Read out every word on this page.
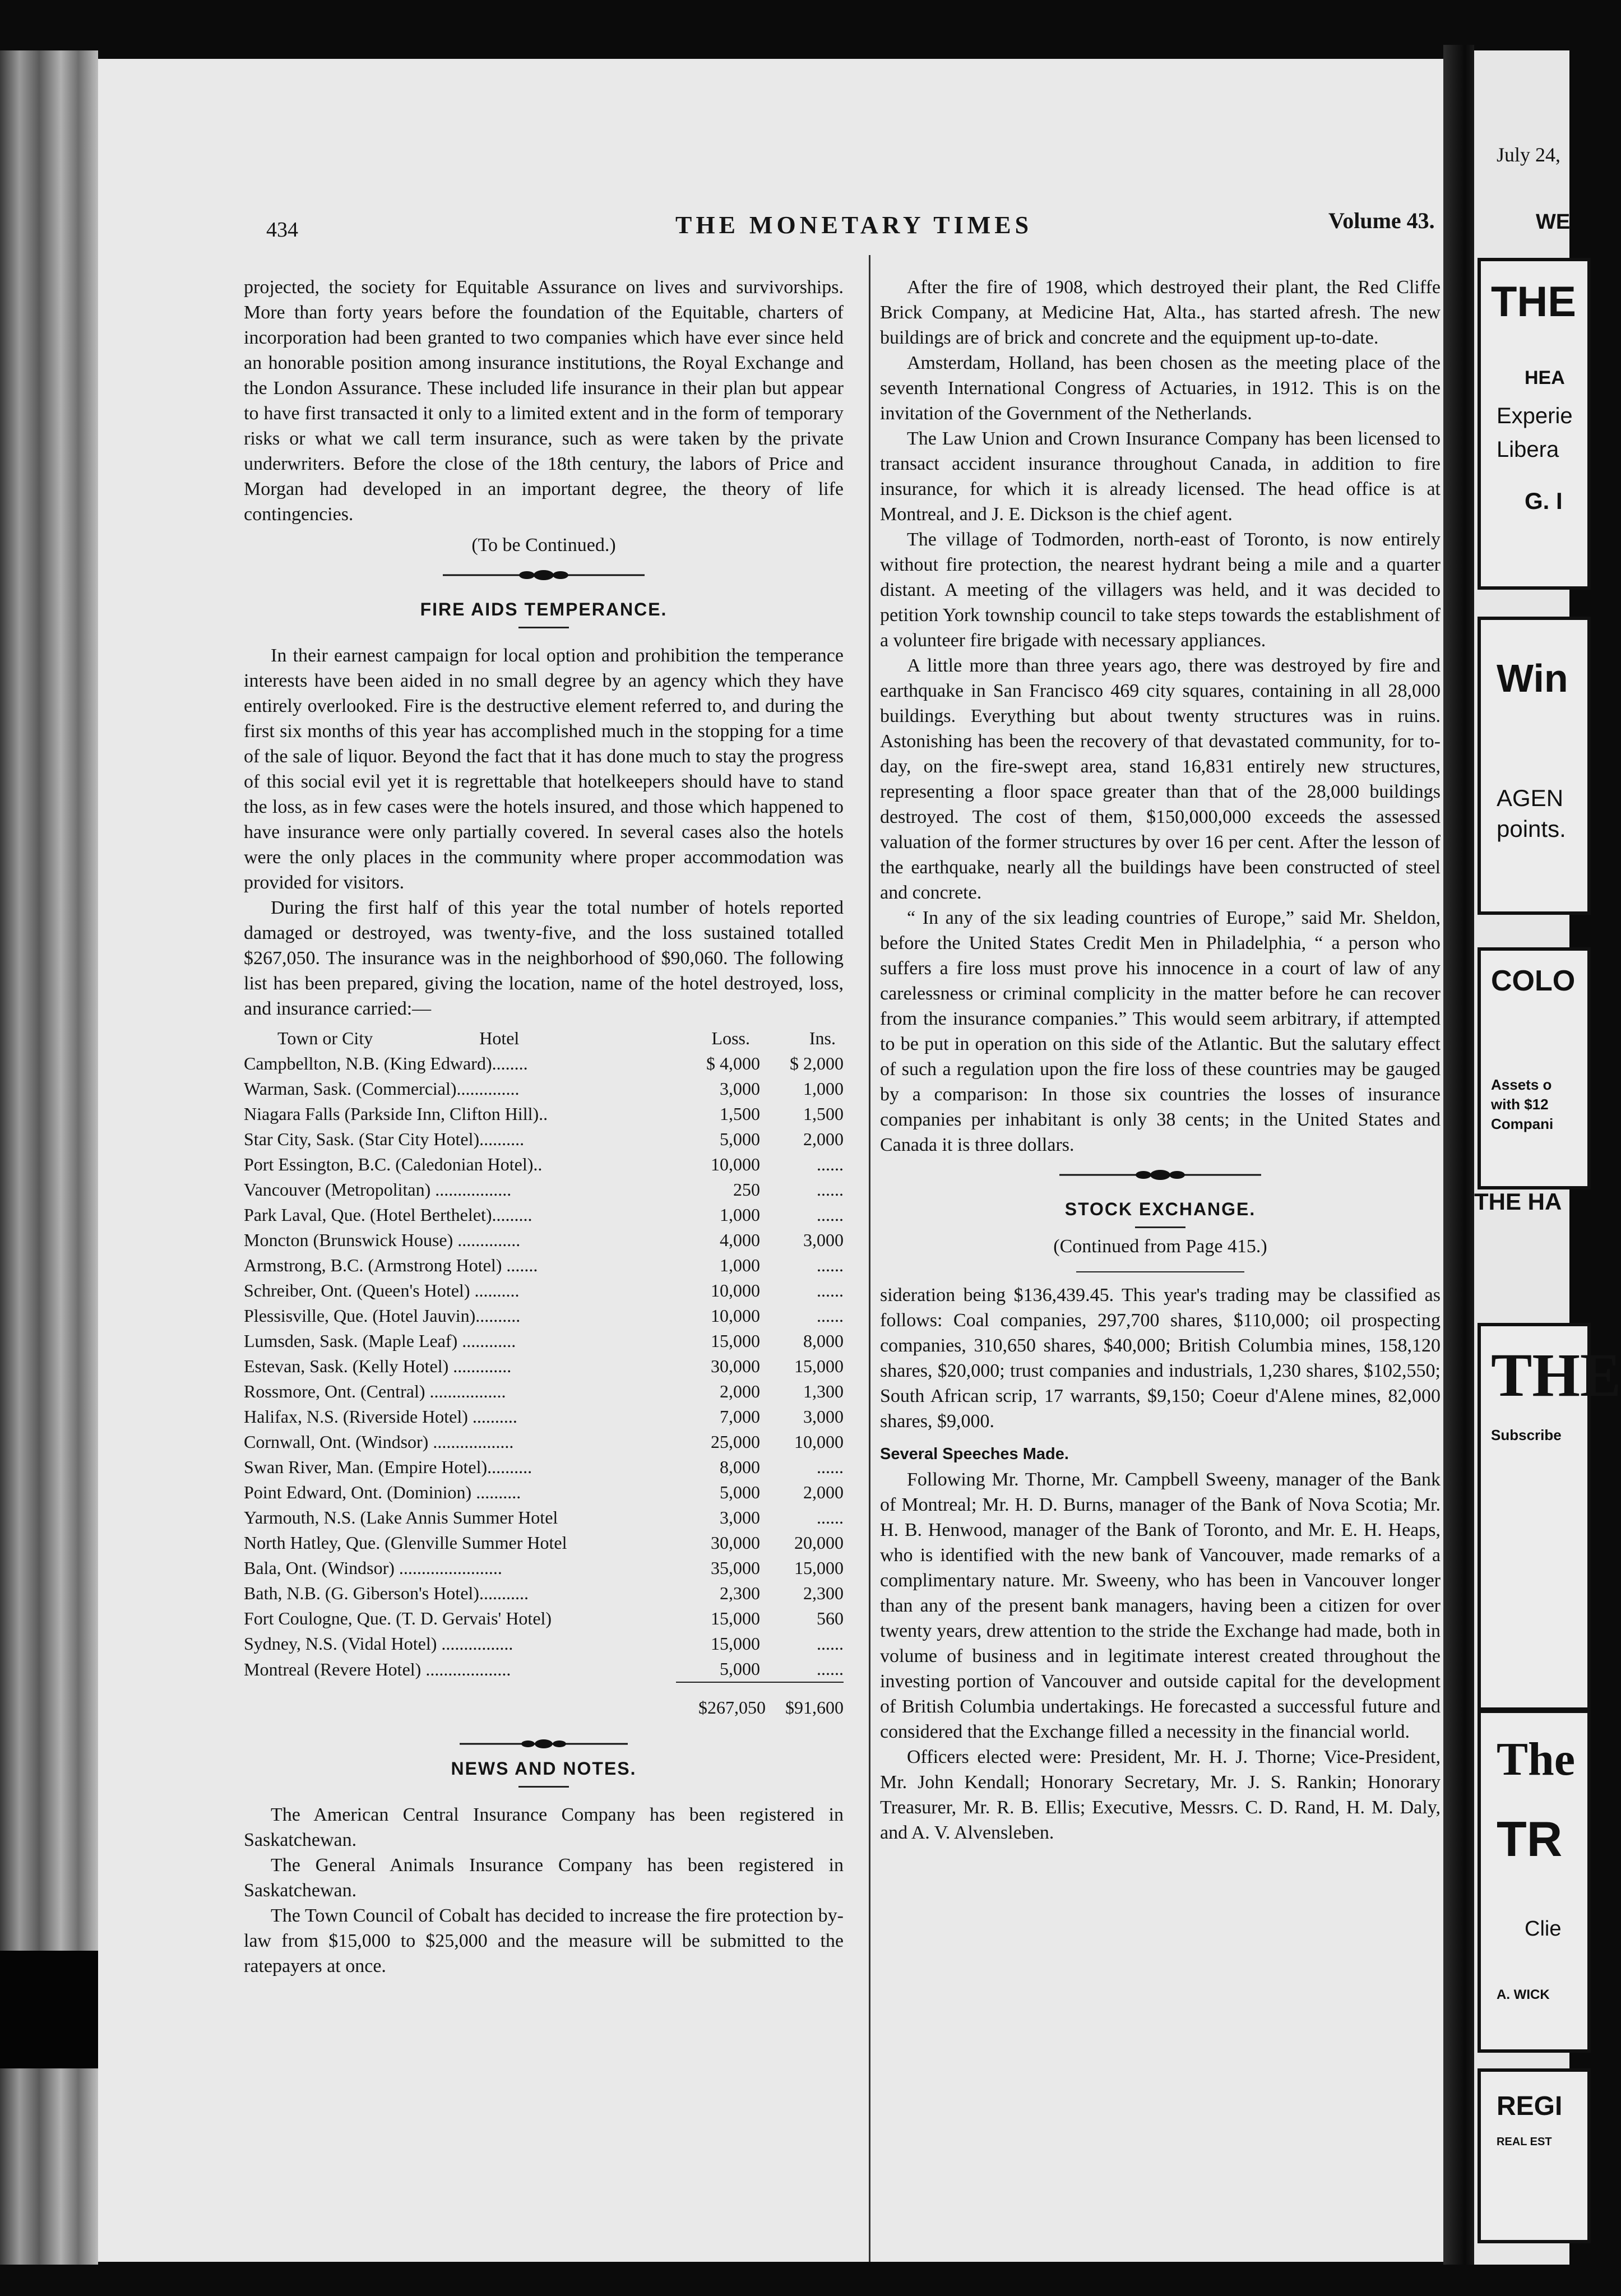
434	THE MONETARY TIMES	Volume 43.

projected, the society for Equitable Assurance on lives and survivorships. More than forty years before the foundation of the Equitable, charters of incorporation had been granted to two companies which have ever since held an honorable position among insurance institutions, the Royal Exchange and the London Assurance. These included life insurance in their plan but appear to have first transacted it only to a limited extent and in the form of temporary risks or what we call term insurance, such as were taken by the private underwriters. Before the close of the 18th century, the labors of Price and Morgan had developed in an important degree, the theory of life contingencies.

(To be Continued.)
FIRE AIDS TEMPERANCE.

In their earnest campaign for local option and prohibition the temperance interests have been aided in no small degree by an agency which they have entirely overlooked. Fire is the destructive element referred to, and during the first six months of this year has accomplished much in the stopping for a time of the sale of liquor. Beyond the fact that it has done much to stay the progress of this social evil yet it is regrettable that hotelkeepers should have to stand the loss, as in few cases were the hotels insured, and those which happened to have insurance were only partially covered. In several cases also the hotels were the only places in the community where proper accommodation was provided for visitors.

During the first half of this year the total number of hotels reported damaged or destroyed, was twenty-five, and the loss sustained totalled $267,050. The insurance was in the neighborhood of $90,060. The following list has been prepared, giving the location, name of the hotel destroyed, loss, and insurance carried:—

Town or City Hotel	Loss.	Ins.
Campbellton, N.B. (King Edward)........	$ 4,000	$ 2,000
Warman, Sask. (Commercial)..............	3,000	1,000
Niagara Falls (Parkside Inn, Clifton Hill)..	1,500	1,500
Star City, Sask. (Star City Hotel)..........	5,000	2,000
Port Essington, B.C. (Caledonian Hotel)..	10,000	......
Vancouver (Metropolitan) .................	250	......
Park Laval, Que. (Hotel Berthelet).........	1,000	......
Moncton (Brunswick House) ..............	4,000	3,000
Armstrong, B.C. (Armstrong Hotel) .......	1,000	......
Schreiber, Ont. (Queen's Hotel) ..........	10,000	......
Plessisville, Que. (Hotel Jauvin)..........	10,000	......
Lumsden, Sask. (Maple Leaf) ............	15,000	8,000
Estevan, Sask. (Kelly Hotel) .............	30,000	15,000
Rossmore, Ont. (Central) .................	2,000	1,300
Halifax, N.S. (Riverside Hotel) ..........	7,000	3,000
Cornwall, Ont. (Windsor) ..................	25,000	10,000
Swan River, Man. (Empire Hotel)..........	8,000	......
Point Edward, Ont. (Dominion) ..........	5,000	2,000
Yarmouth, N.S. (Lake Annis Summer Hotel	3,000	......
North Hatley, Que. (Glenville Summer Hotel	30,000	20,000
Bala, Ont. (Windsor) .......................	35,000	15,000
Bath, N.B. (G. Giberson's Hotel)...........	2,300	2,300
Fort Coulogne, Que. (T. D. Gervais' Hotel)	15,000	560
Sydney, N.S. (Vidal Hotel) ................	15,000	......
Montreal (Revere Hotel) ...................	5,000	......
	$267,050	$91,600
NEWS AND NOTES.

The American Central Insurance Company has been registered in Saskatchewan.

The General Animals Insurance Company has been registered in Saskatchewan.

The Town Council of Cobalt has decided to increase the fire protection by-law from $15,000 to $25,000 and the measure will be submitted to the ratepayers at once.

After the fire of 1908, which destroyed their plant, the Red Cliffe Brick Company, at Medicine Hat, Alta., has started afresh. The new buildings are of brick and concrete and the equipment up-to-date.

Amsterdam, Holland, has been chosen as the meeting place of the seventh International Congress of Actuaries, in 1912. This is on the invitation of the Government of the Netherlands.

The Law Union and Crown Insurance Company has been licensed to transact accident insurance throughout Canada, in addition to fire insurance, for which it is already licensed. The head office is at Montreal, and J. E. Dickson is the chief agent.

The village of Todmorden, north-east of Toronto, is now entirely without fire protection, the nearest hydrant being a mile and a quarter distant. A meeting of the villagers was held, and it was decided to petition York township council to take steps towards the establishment of a volunteer fire brigade with necessary appliances.

A little more than three years ago, there was destroyed by fire and earthquake in San Francisco 469 city squares, containing in all 28,000 buildings. Everything but about twenty structures was in ruins. Astonishing has been the recovery of that devastated community, for to-day, on the fire-swept area, stand 16,831 entirely new structures, representing a floor space greater than that of the 28,000 buildings destroyed. The cost of them, $150,000,000 exceeds the assessed valuation of the former structures by over 16 per cent. After the lesson of the earthquake, nearly all the buildings have been constructed of steel and concrete.

“ In any of the six leading countries of Europe,” said Mr. Sheldon, before the United States Credit Men in Philadelphia, “ a person who suffers a fire loss must prove his innocence in a court of law of any carelessness or criminal complicity in the matter before he can recover from the insurance companies.” This would seem arbitrary, if attempted to be put in operation on this side of the Atlantic. But the salutary effect of such a regulation upon the fire loss of these countries may be gauged by a comparison: In those six countries the losses of insurance companies per inhabitant is only 38 cents; in the United States and Canada it is three dollars.

STOCK EXCHANGE.
(Continued from Page 415.)

sideration being $136,439.45. This year's trading may be classified as follows: Coal companies, 297,700 shares, $110,000; oil prospecting companies, 310,650 shares, $40,000; British Columbia mines, 158,120 shares, $20,000; trust companies and industrials, 1,230 shares, $102,550; South African scrip, 17 warrants, $9,150; Coeur d'Alene mines, 82,000 shares, $9,000.

Several Speeches Made.

Following Mr. Thorne, Mr. Campbell Sweeny, manager of the Bank of Montreal; Mr. H. D. Burns, manager of the Bank of Nova Scotia; Mr. H. B. Henwood, manager of the Bank of Toronto, and Mr. E. H. Heaps, who is identified with the new bank of Vancouver, made remarks of a complimentary nature. Mr. Sweeny, who has been in Vancouver longer than any of the present bank managers, having been a citizen for over twenty years, drew attention to the stride the Exchange had made, both in volume of business and in legitimate interest created throughout the investing portion of Vancouver and outside capital for the development of British Columbia undertakings. He forecasted a successful future and considered that the Exchange filled a necessity in the financial world.

Officers elected were: President, Mr. H. J. Thorne; Vice-President, Mr. John Kendall; Honorary Secretary, Mr. J. S. Rankin; Honorary Treasurer, Mr. R. B. Ellis; Executive, Messrs. C. D. Rand, H. M. Daly, and A. V. Alvensleben.

July 24,
WE
THE
HEA
Experie
Libera
G. I
Win
AGEN
points.
COLO
Assets o
with $12
Compani
THE HA
THE
Subscribe
The
TR
Clie
A. WICK
REGI
REAL EST
